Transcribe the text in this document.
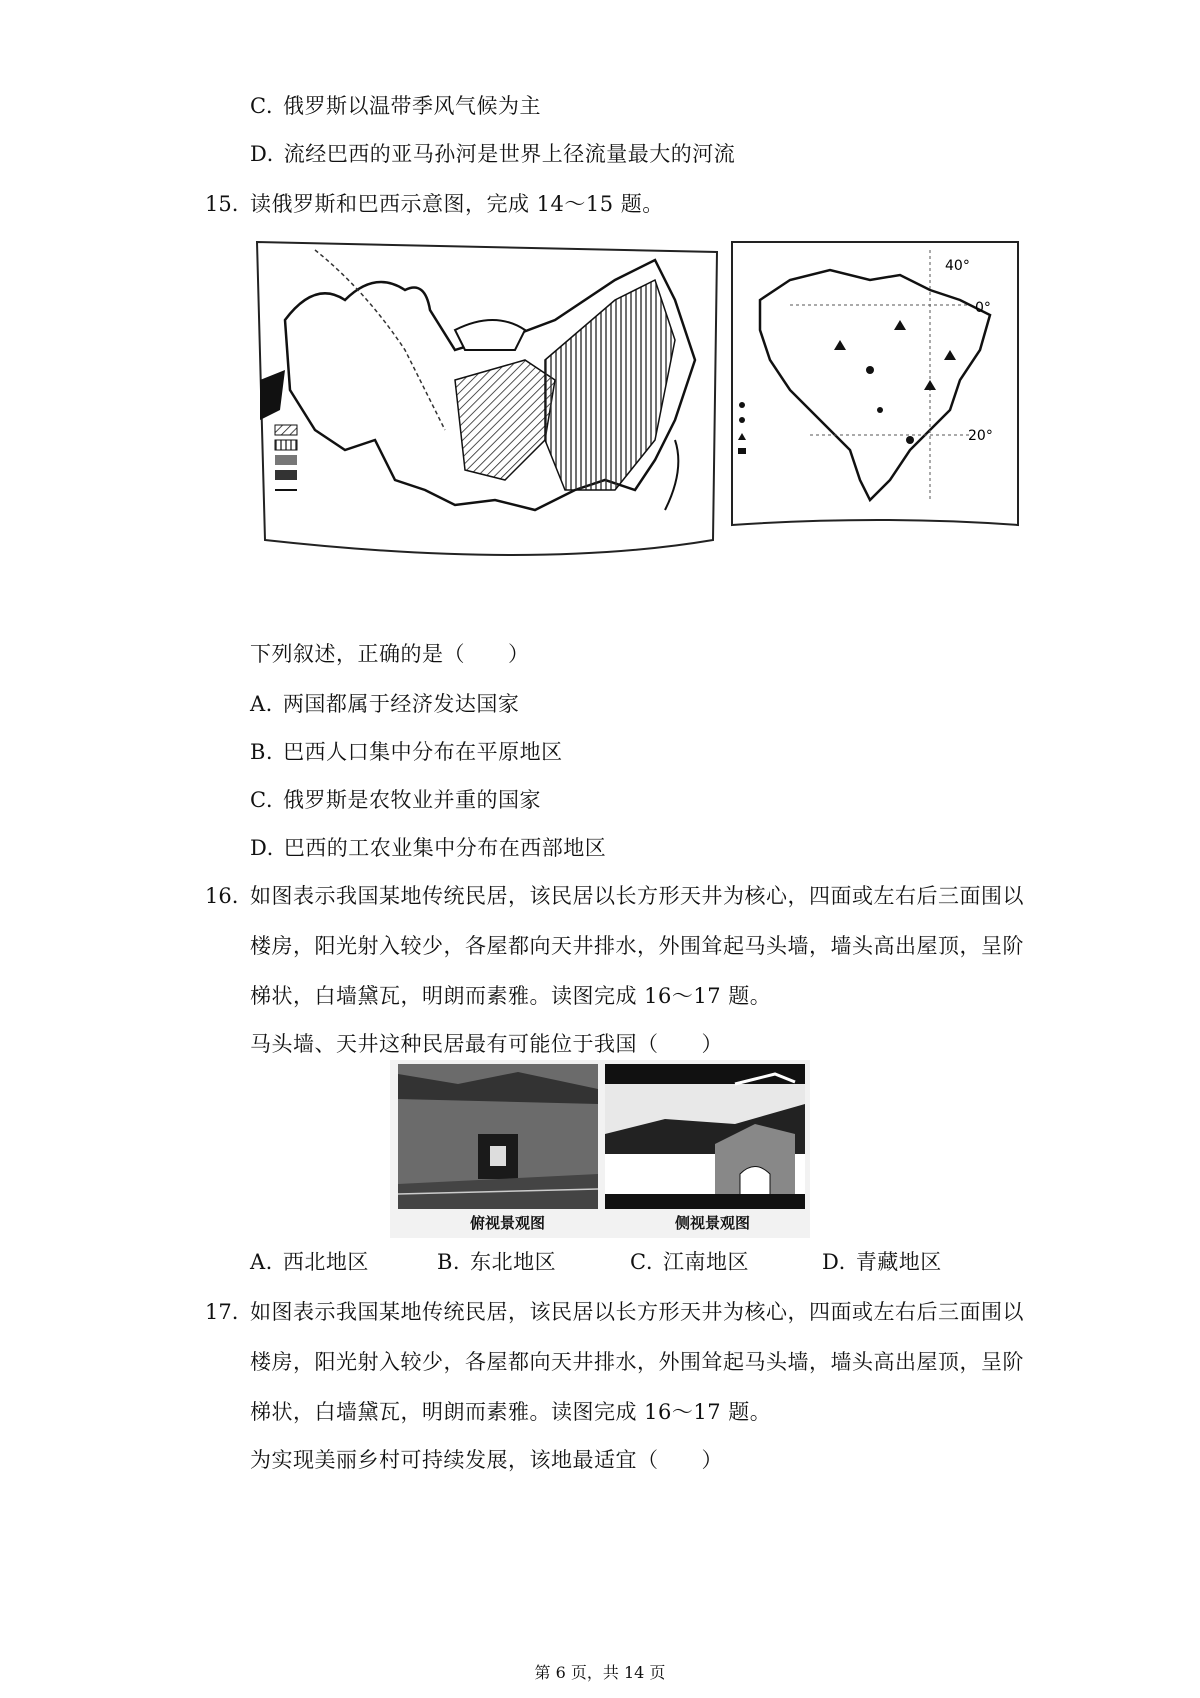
C. 俄罗斯以温带季风气候为主
D. 流经巴西的亚马孙河是世界上径流量最大的河流
15. 读俄罗斯和巴西示意图，完成 14～15 题。
40°
0°
20°
下列叙述，正确的是（　　）
A. 两国都属于经济发达国家
B. 巴西人口集中分布在平原地区
C. 俄罗斯是农牧业并重的国家
D. 巴西的工农业集中分布在西部地区
16. 如图表示我国某地传统民居，该民居以长方形天井为核心，四面或左右后三面围以
楼房，阳光射入较少，各屋都向天井排水，外围耸起马头墙，墙头高出屋顶，呈阶
梯状，白墙黛瓦，明朗而素雅。读图完成 16～17 题。
马头墙、天井这种民居最有可能位于我国（　　）
俯视景观图	侧视景观图
A. 西北地区	B. 东北地区	C. 江南地区	D. 青藏地区
17. 如图表示我国某地传统民居，该民居以长方形天井为核心，四面或左右后三面围以
楼房，阳光射入较少，各屋都向天井排水，外围耸起马头墙，墙头高出屋顶，呈阶
梯状，白墙黛瓦，明朗而素雅。读图完成 16～17 题。
为实现美丽乡村可持续发展，该地最适宜（　　）
第 6 页，共 14 页
